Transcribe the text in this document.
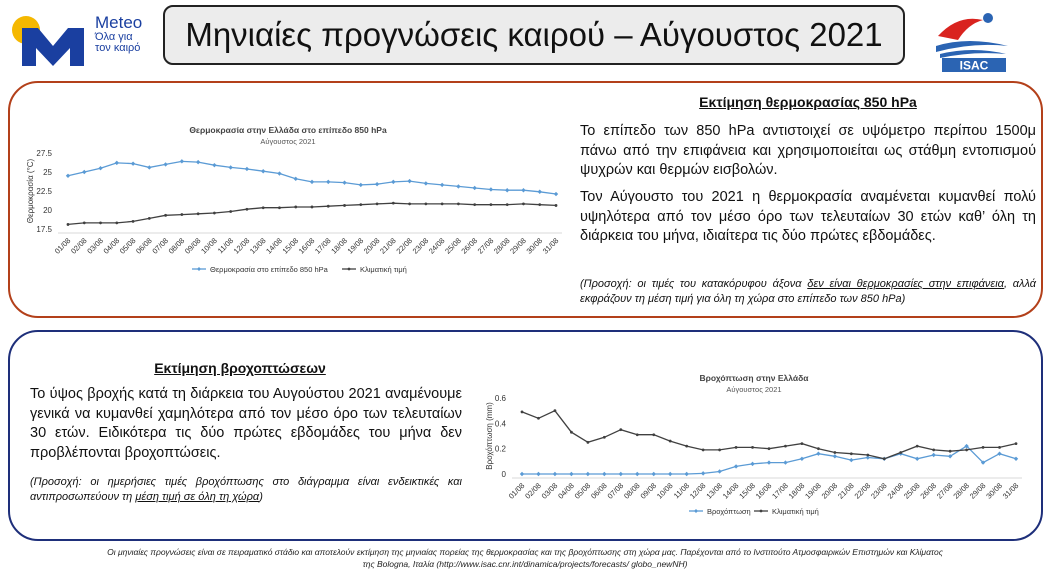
Meteo
Όλα για
τον καιρό Μηνιαίες προγνώσεις καιρού – Αύγουστος 2021
ISAC
Θερμοκρασία στην Ελλάδα στο επίπεδο 850 hPa
Αύγουστος 2021
Θερμοκρασία (°C)
17.5
20
22.5
25
27.5
01/08
02/08
03/08
04/08
05/08
06/08
07/08
08/08
09/08
10/08
11/08
12/08
13/08
14/08
15/08
16/08
17/08
18/08
19/08
20/08
21/08
22/08
23/08
24/08
25/08
26/08
27/08
28/08
29/08
30/08
31/08
Θερμοκρασία στο επίπεδο 850 hPa	Κλιματική τιμή
Εκτίμηση θερμοκρασίας 850 hPa
Το επίπεδο των 850 hPa αντιστοιχεί σε υψόμετρο περίπου 1500μ πάνω από την επιφάνεια και χρησιμοποιείται ως στάθμη εντοπισμού ψυχρών και θερμών εισβολών.
Τον Αύγουστο του 2021 η θερμοκρασία αναμένεται κυμανθεί πολύ υψηλότερα από τον μέσο όρο των τελευταίων 30 ετών καθ’ όλη τη διάρκεια του μήνα, ιδιαίτερα τις δύο πρώτες εβδομάδες.
(Προσοχή: οι τιμές του κατακόρυφου άξονα δεν είναι θερμοκρασίες στην επιφάνεια, αλλά εκφράζουν τη μέση τιμή για όλη τη χώρα στο επίπεδο των 850 hPa)
Εκτίμηση βροχοπτώσεων
Το ύψος βροχής κατά τη διάρκεια του Αυγούστου 2021 αναμένουμε γενικά να κυμανθεί χαμηλότερα από τον μέσο όρο των τελευταίων 30 ετών. Ειδικότερα τις δύο πρώτες εβδομάδες του μήνα δεν προβλέπονται βροχοπτώσεις.
(Προσοχή: οι ημερήσιες τιμές βροχόπτωσης στο διάγραμμα είναι ενδεικτικές και αντιπροσωπεύουν τη μέση τιμή σε όλη τη χώρα)
Βροχόπτωση στην Ελλάδα
Αύγουστος 2021
Βροχόπτωση (mm)
0
0.2
0.4
0.6
01/08
02/08
03/08
04/08
05/08
06/08
07/08
08/08
09/08
10/08
11/08
12/08
13/08
14/08
15/08
16/08
17/08
18/08
19/08
20/08
21/08
22/08
23/08
24/08
25/08
26/08
27/08
28/08
29/08
30/08
31/08
Βροχόπτωση	Κλιματική τιμή
Οι μηνιαίες προγνώσεις είναι σε πειραματικό στάδιο και αποτελούν εκτίμηση της μηνιαίας πορείας της θερμοκρασίας και της βροχόπτωσης στη χώρα μας. Παρέχονται από το Ινστιτούτο Ατμοσφαιρικών Επιστημών και Κλίματος
της Bologna, Ιταλία (http://www.isac.cnr.int/dinamica/projects/forecasts/ globo_newNH)
